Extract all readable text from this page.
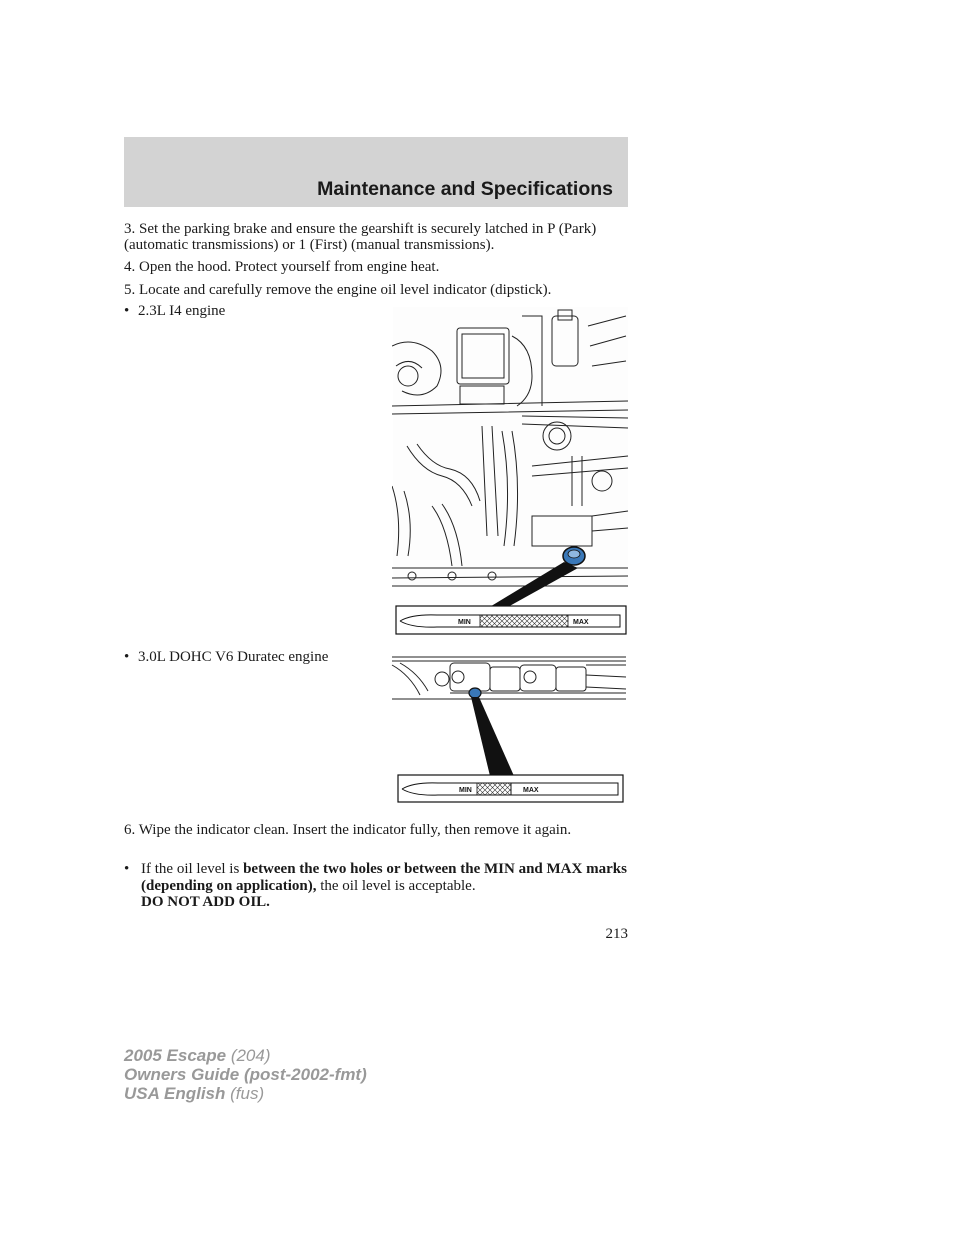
Maintenance and Specifications
3. Set the parking brake and ensure the gearshift is securely latched in P (Park) (automatic transmissions) or 1 (First) (manual transmissions).
4. Open the hood. Protect yourself from engine heat.
5. Locate and carefully remove the engine oil level indicator (dipstick).
• 2.3L I4 engine
MIN	MAX
• 3.0L DOHC V6 Duratec engine
MIN	MAX
6. Wipe the indicator clean. Insert the indicator fully, then remove it again.
• If the oil level is between the two holes or between the MIN and MAX marks (depending on application), the oil level is acceptable.
DO NOT ADD OIL.
213
2005 Escape (204)
Owners Guide (post-2002-fmt)
USA English (fus)
